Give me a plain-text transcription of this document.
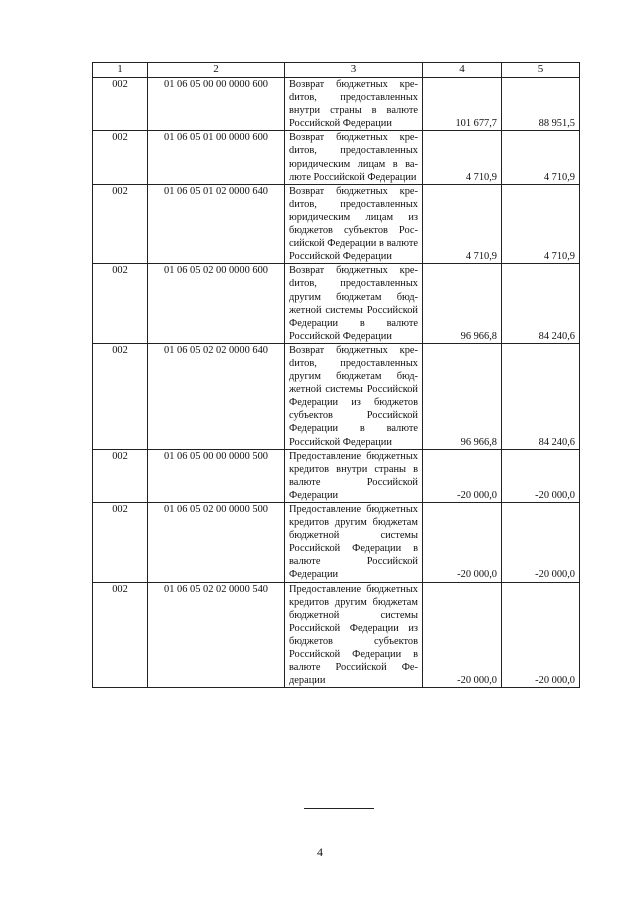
1	2	3	4	5
002	01 06 05 00 00 0000 600	Возврат бюджетных креdитов, предоставленных внутри страны в валюте Российской Федерации	101 677,7	88 951,5
002	01 06 05 01 00 0000 600	Возврат бюджетных креdитов, предоставленных юридическим лицам в валюте Российской Федерации	4 710,9	4 710,9
002	01 06 05 01 02 0000 640	Возврат бюджетных креdитов, предоставленных юридическим лицам из бюджетов субъектов Российской Федерации в валюте Российской Федерации	4 710,9	4 710,9
002	01 06 05 02 00 0000 600	Возврат бюджетных креdитов, предоставленных другим бюджетам бюджетной системы Российской Федерации в валюте Российской Федерации	96 966,8	84 240,6
002	01 06 05 02 02 0000 640	Возврат бюджетных креdитов, предоставленных другим бюджетам бюджетной системы Российской Федерации из бюджетов субъектов Российской Федерации в валюте Российской Федерации	96 966,8	84 240,6
002	01 06 05 00 00 0000 500	Предоставление бюджетных кредитов внутри страны в валюте Российской Федерации	-20 000,0	-20 000,0
002	01 06 05 02 00 0000 500	Предоставление бюджетных кредитов другим бюджетам бюджетной системы Российской Федерации в валюте Российской Федерации	-20 000,0	-20 000,0
002	01 06 05 02 02 0000 540	Предоставление бюджетных кредитов другим бюджетам бюджетной системы Российской Федерации из бюджетов субъектов Российской Федерации в валюте Российской Федерации	-20 000,0	-20 000,0
4
